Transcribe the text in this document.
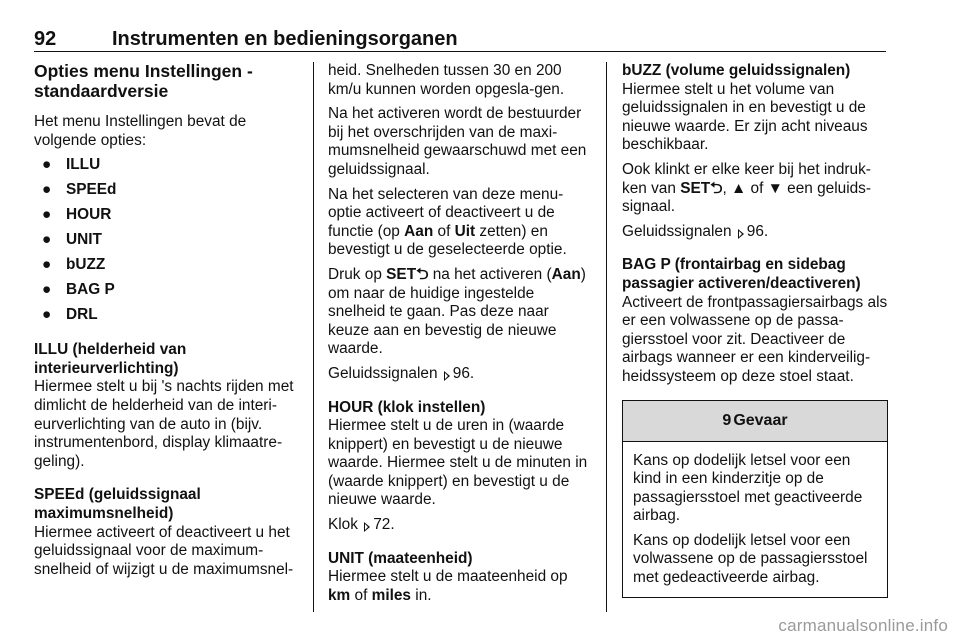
92	Instrumenten en bedieningsorganen
Opties menu Instellingen - standaardversie

Het menu Instellingen bevat de volgende opties:

● ILLU
● SPEEd
● HOUR
● UNIT
● bUZZ
● BAG P
● DRL
ILLU (helderheid van interieurverlichting)

Hiermee stelt u bij 's nachts rijden met dimlicht de helderheid van de interi-eurverlichting van de auto in (bijv. instrumentenbord, display klimaatre-geling).

SPEEd (geluidssignaal maximumsnelheid)

Hiermee activeert of deactiveert u het geluidssignaal voor de maximum-snelheid of wijzigt u de maximumsnel-

heid. Snelheden tussen 30 en 200 km/u kunnen worden opgesla-gen.

Na het activeren wordt de bestuurder bij het overschrijden van de maxi-mumsnelheid gewaarschuwd met een geluidssignaal.

Na het selecteren van deze menu-optie activeert of deactiveert u de functie (op Aan of Uit zetten) en bevestigt u de geselecteerde optie.

Druk op SET⮌ na het activeren (Aan) om naar de huidige ingestelde snelheid te gaan. Pas deze naar keuze aan en bevestig de nieuwe waarde.

Geluidssignalen 96.

HOUR (klok instellen)

Hiermee stelt u de uren in (waarde knippert) en bevestigt u de nieuwe waarde. Hiermee stelt u de minuten in (waarde knippert) en bevestigt u de nieuwe waarde.

Klok 72.

UNIT (maateenheid)

Hiermee stelt u de maateenheid op km of miles in.

bUZZ (volume geluidssignalen)

Hiermee stelt u het volume van geluidssignalen in en bevestigt u de nieuwe waarde. Er zijn acht niveaus beschikbaar.

Ook klinkt er elke keer bij het indruk-ken van SET⮌, ▲ of ▼ een geluids-signaal.

Geluidssignalen 96.

BAG P (frontairbag en sidebag passagier activeren/deactiveren)

Activeert de frontpassagiersairbags als er een volwassene op de passa-giersstoel voor zit. Deactiveer de airbags wanneer er een kinderveilig-heidssysteem op deze stoel staat.

9 Gevaar

Kans op dodelijk letsel voor een kind in een kinderzitje op de passagiersstoel met geactiveerde airbag.

Kans op dodelijk letsel voor een volwassene op de passagiersstoel met gedeactiveerde airbag.

carmanualsonline.info
